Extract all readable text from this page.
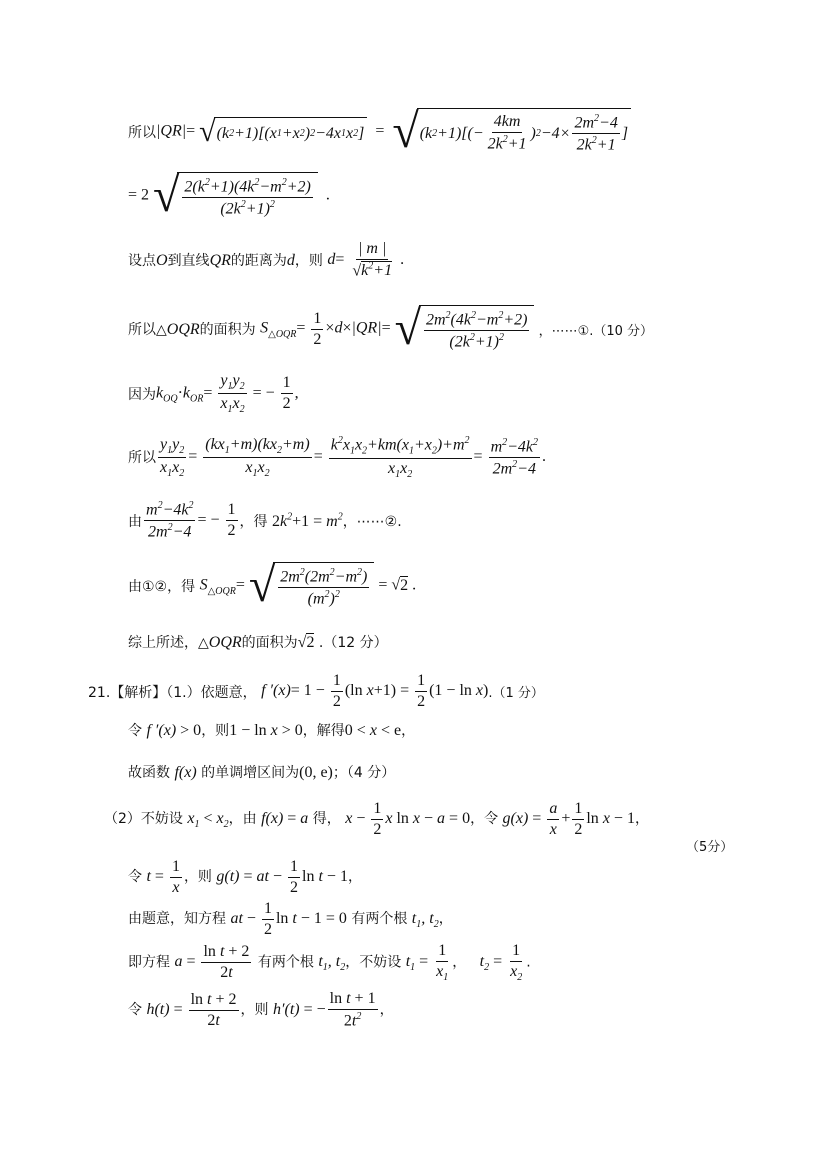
所以 |QR|= √ (k 2 +1)[(x 1 +x 2 ) 2 −4x 1 x 2 ] = √ (k $2 +1)[(- \frac{4km}{2k^2+1}$ ) $2 -4\times \frac{2m^2-4}{2k^2+1}$ ]
= 2 √ $\frac{2(k^2+1)(4k^2-m^2+2)}{(2k^2+1)^2}$ .
设点O到直线QR的距离为d，则 $d= \frac{| m |}{√k^2+1}$ .
所以△OQR的面积为 $S_{\triangle OQR}= \frac{1}{2} \times d\times|QR|=$ √ $\frac{2m^2(4k^2-m^2+2)}{(2k^2+1)^2}$ ，⋯⋯①.（10 分）
因为 $k_{OQ}\cdot k_{OR}= \frac{y_1y_2}{x_1x_2}$ = − $\frac{1}{2}$ ,
所以 $\frac{y_1y_2}{x_1x_2} = \frac{(kx_1+m)(kx_2+m)}{x_1x_2} = \frac{k^2x_1x_2+km(x_1+x_2)+m^2}{x_1x_2} = \frac{m^2-4k^2}{2m^2-4}$ .
由 $\frac{m^2-4k^2}{2m^2-4}$ = − $\frac{1}{2}$ ，得 $2k^2+1 = m^2$，⋯⋯②.
由①②，得 $S_{\triangle OQR}=$ √ $\frac{2m^2(2m^2-m^2)}{(m^2)^2} = √2$ .
综上所述，△OQR的面积为√2 .（12 分）
21.【解析】（1.）依题意， f $'(x)= 1 - \frac{1}{2} (\ln$ $x+1) = \frac{1}{2} (1 - \ln x)$ .（1 分）
令 f ′(x) > 0，则1 − ln x > 0，解得0 < x < e，
故函数 f(x) 的单调增区间为(0, e)；（4 分）
（2）不妨设 $x_1 < x_2$，由 f(x) = a 得， $x - \frac{1}{2}$ x ln x − a = 0，令 $g(x) = \frac{a}{x} + \frac{1}{2}$ ln x − 1，
（5分）
令 $t = \frac{1}{x}$ ，则 g(t) = at − $\frac{1}{2}$ ln t − 1，
由题意，知方程 at − $\frac{1}{2}$ ln t − 1 = 0 有两个根 $t_1$, $t_2$，
即方程 $a = \frac{\text{ln t + 2}}{2t}$ 有两个根 $t_1$, $t_2$，不妨设 $t_1 = \frac{1}{x_1}$ ，   $t_2 = \frac{1}{x_2}$ .
令 $h(t) = \frac{\text{ln t + 2}}{2t}$ ，则 h′(t) = − $\frac{\text{ln t + 1}}{2t^2}$ ，
